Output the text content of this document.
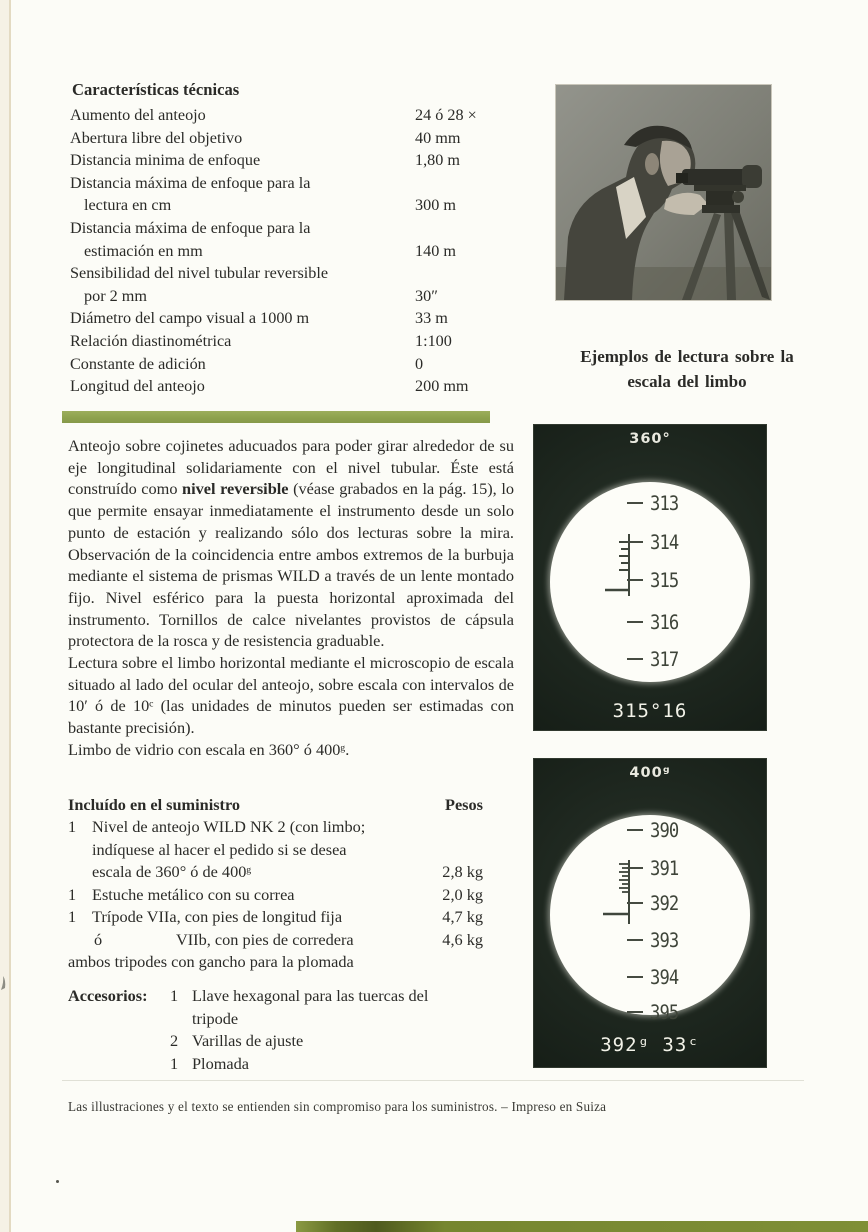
Características técnicas
Aumento del anteojo	24 ó 28 ×
Abertura libre del objetivo	40 mm
Distancia minima de enfoque	1,80 m
Distancia máxima de enfoque para la
lectura en cm	300 m
Distancia máxima de enfoque para la
estimación en mm	140 m
Sensibilidad del nivel tubular reversible
por 2 mm	30″
Diámetro del campo visual a 1000 m	33 m
Relación diastinométrica	1:100
Constante de adición	0
Longitud del anteojo	200 mm
Ejemplos de lectura sobre la
escala del limbo
360°
313
314
315
316
317
315°16
400ᵍ
390
391
392
393
394
395
392ᵍ 33ᶜ

Anteojo sobre cojinetes aducuados para poder girar alrededor de su eje longitudinal solidariamente con el nivel tubular. Éste está construído como nivel reversible (véase grabados en la pág. 15), lo que permite ensayar inmediatamente el instrumento desde un solo punto de estación y realizando sólo dos lecturas sobre la mira. Observación de la coincidencia entre ambos extremos de la burbuja mediante el sistema de prismas WILD a través de un lente montado fijo. Nivel esférico para la puesta horizontal aproximada del instrumento. Tornillos de calce nivelantes provistos de cápsula protectora de la rosca y de resistencia graduable.

Lectura sobre el limbo horizontal mediante el microscopio de escala situado al lado del ocular del anteojo, sobre escala con intervalos de 10′ ó de 10ᶜ (las unidades de minutos pueden ser estimadas con bastante precisión).

Limbo de vidrio con escala en 360° ó 400ᵍ.

Incluído en el suministro	Pesos
1 Nivel de anteojo WILD NK 2 (con limbo;
indíquese al hacer el pedido si se desea
escala de 360° ó de 400ᵍ	2,8 kg
1 Estuche metálico con su correa	2,0 kg
1 Trípode VIIa, con pies de longitud fija	4,7 kg
ó	VIIb, con pies de corredera	4,6 kg
ambos tripodes con gancho para la plomada
Accesorios:	1 Llave hexagonal para las tuercas del
tripode
2 Varillas de ajuste
1 Plomada
Las illustraciones y el texto se entienden sin compromiso para los suministros. – Impreso en Suiza
